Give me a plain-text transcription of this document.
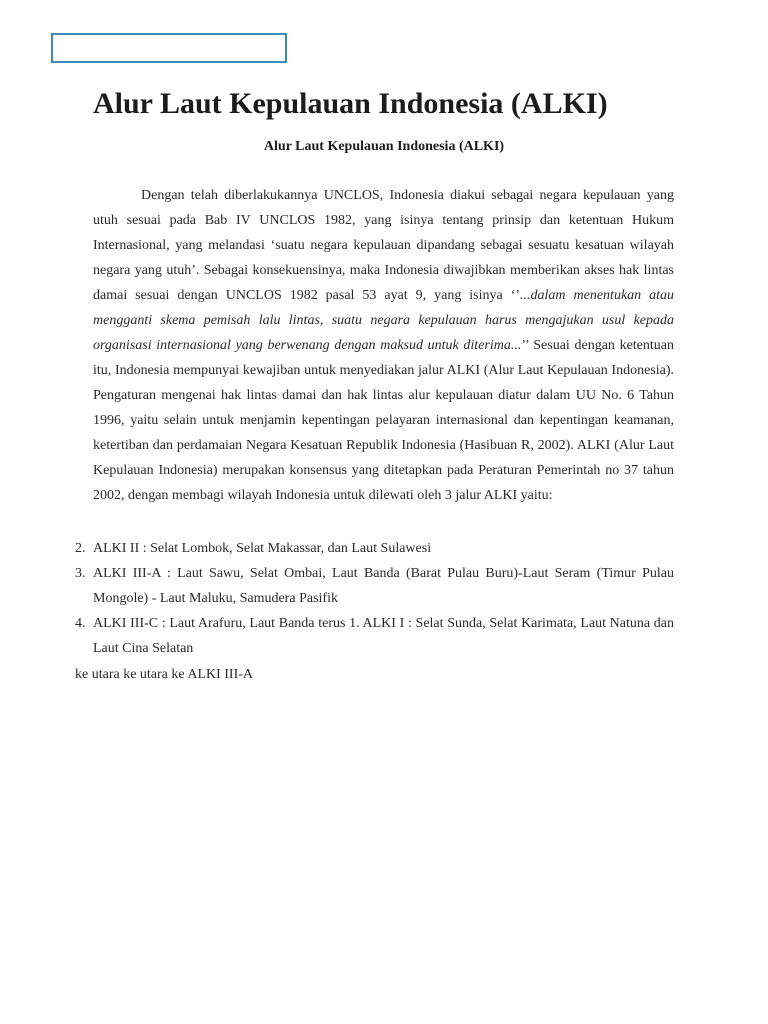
Alur Laut Kepulauan Indonesia (ALKI)
Alur Laut Kepulauan Indonesia (ALKI)

Dengan telah diberlakukannya UNCLOS, Indonesia diakui sebagai negara kepulauan yang utuh sesuai pada Bab IV UNCLOS 1982, yang isinya tentang prinsip dan ketentuan Hukum Internasional, yang melandasi ‘suatu negara kepulauan dipandang sebagai sesuatu kesatuan wilayah negara yang utuh’. Sebagai konsekuensinya, maka Indonesia diwajibkan memberikan akses hak lintas damai sesuai dengan UNCLOS 1982 pasal 53 ayat 9, yang isinya ‘’...dalam menentukan atau mengganti skema pemisah lalu lintas, suatu negara kepulauan harus mengajukan usul kepada organisasi internasional yang berwenang dengan maksud untuk diterima...’’ Sesuai dengan ketentuan itu, Indonesia mempunyai kewajiban untuk menyediakan jalur ALKI (Alur Laut Kepulauan Indonesia). Pengaturan mengenai hak lintas damai dan hak lintas alur kepulauan diatur dalam UU No. 6 Tahun 1996, yaitu selain untuk menjamin kepentingan pelayaran internasional dan kepentingan keamanan, ketertiban dan perdamaian Negara Kesatuan Republik Indonesia (Hasibuan R, 2002). ALKI (Alur Laut Kepulauan Indonesia) merupakan konsensus yang ditetapkan pada Peraturan Pemerintah no 37 tahun 2002, dengan membagi wilayah Indonesia untuk dilewati oleh 3 jalur ALKI yaitu:

2. ALKI II : Selat Lombok, Selat Makassar, dan Laut Sulawesi
3. ALKI III-A : Laut Sawu, Selat Ombai, Laut Banda (Barat Pulau Buru)-Laut Seram (Timur Pulau Mongole) - Laut Maluku, Samudera Pasifik
4. ALKI III-C : Laut Arafuru, Laut Banda terus 1. ALKI I : Selat Sunda, Selat Karimata, Laut Natuna dan Laut Cina Selatan

ke utara ke utara ke ALKI III-A
